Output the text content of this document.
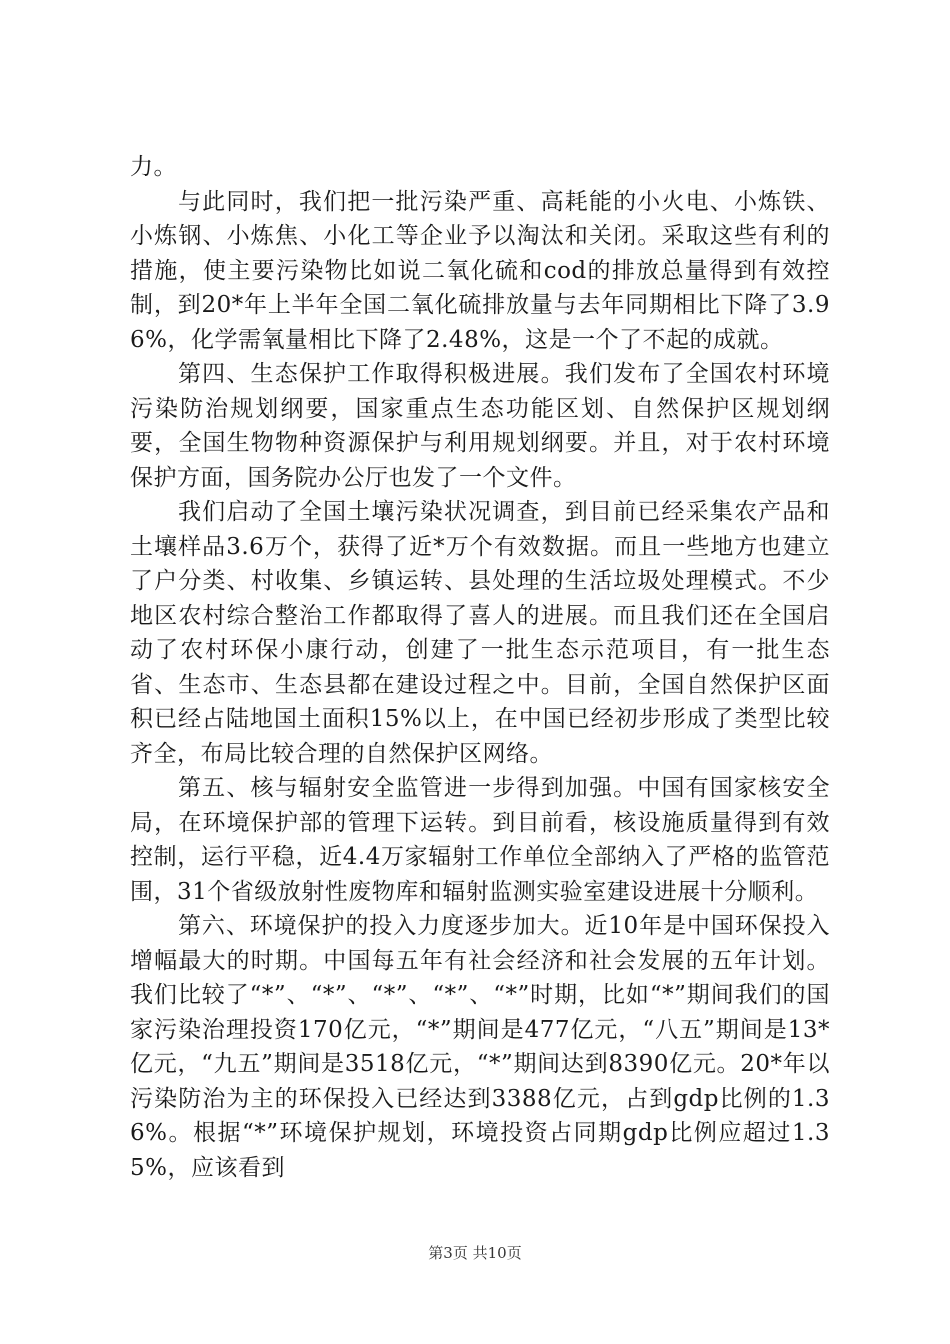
力。

与此同时，我们把一批污染严重、高耗能的小火电、小炼铁、小炼钢、小炼焦、小化工等企业予以淘汰和关闭。采取这些有利的措施，使主要污染物比如说二氧化硫和cod的排放总量得到有效控制，到20*年上半年全国二氧化硫排放量与去年同期相比下降了3.96%，化学需氧量相比下降了2.48%，这是一个了不起的成就。

第四、生态保护工作取得积极进展。我们发布了全国农村环境污染防治规划纲要，国家重点生态功能区划、自然保护区规划纲要，全国生物物种资源保护与利用规划纲要。并且，对于农村环境保护方面，国务院办公厅也发了一个文件。

我们启动了全国土壤污染状况调查，到目前已经采集农产品和土壤样品3.6万个，获得了近*万个有效数据。而且一些地方也建立了户分类、村收集、乡镇运转、县处理的生活垃圾处理模式。不少地区农村综合整治工作都取得了喜人的进展。而且我们还在全国启动了农村环保小康行动，创建了一批生态示范项目，有一批生态省、生态市、生态县都在建设过程之中。目前，全国自然保护区面积已经占陆地国土面积15%以上，在中国已经初步形成了类型比较齐全，布局比较合理的自然保护区网络。

第五、核与辐射安全监管进一步得到加强。中国有国家核安全局，在环境保护部的管理下运转。到目前看，核设施质量得到有效控制，运行平稳，近4.4万家辐射工作单位全部纳入了严格的监管范围，31个省级放射性废物库和辐射监测实验室建设进展十分顺利。

第六、环境保护的投入力度逐步加大。近10年是中国环保投入增幅最大的时期。中国每五年有社会经济和社会发展的五年计划。我们比较了“*”、“*”、“*”、“*”、“*”时期，比如“*”期间我们的国家污染治理投资170亿元，“*”期间是477亿元，“八五”期间是13*亿元，“九五”期间是3518亿元，“*”期间达到8390亿元。20*年以污染防治为主的环保投入已经达到3388亿元，占到gdp比例的1.36%。根据“*”环境保护规划，环境投资占同期gdp比例应超过1.35%，应该看到

第3页 共10页
